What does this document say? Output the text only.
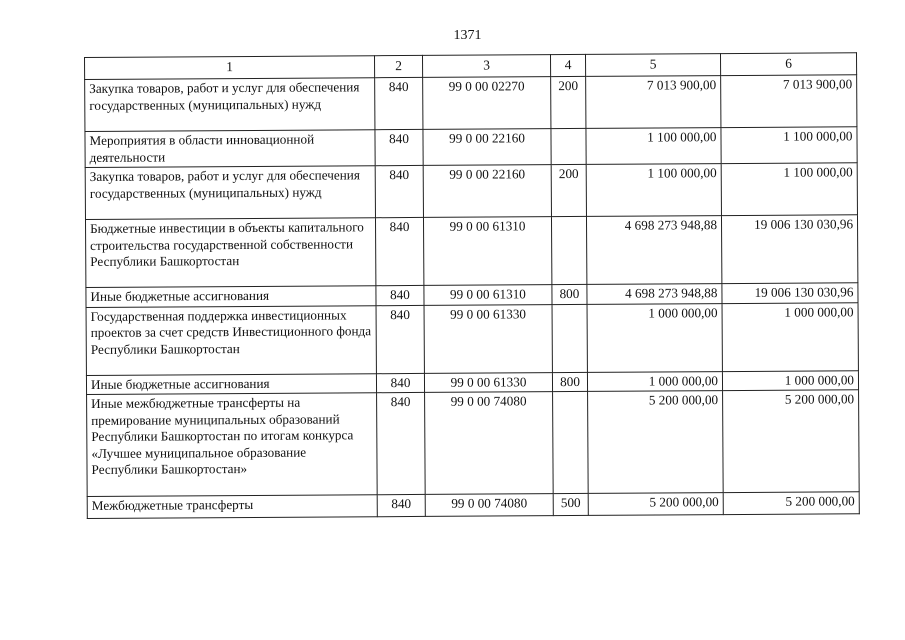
1371
1	2	3	4	5	6
Закупка товаров, работ и услуг для обеспечения государственных (муниципальных) нужд	840	99 0 00 02270	200	7 013 900,00	7 013 900,00
Мероприятия в области инновационной деятельности	840	99 0 00 22160		1 100 000,00	1 100 000,00
Закупка товаров, работ и услуг для обеспечения государственных (муниципальных) нужд	840	99 0 00 22160	200	1 100 000,00	1 100 000,00
Бюджетные инвестиции в объекты капитального строительства государственной собственности Республики Башкортостан	840	99 0 00 61310		4 698 273 948,88	19 006 130 030,96
Иные бюджетные ассигнования	840	99 0 00 61310	800	4 698 273 948,88	19 006 130 030,96
Государственная поддержка инвестиционных проектов за счет средств Инвестиционного фонда Республики Башкортостан	840	99 0 00 61330		1 000 000,00	1 000 000,00
Иные бюджетные ассигнования	840	99 0 00 61330	800	1 000 000,00	1 000 000,00
Иные межбюджетные трансферты на премирование муниципальных образований Республики Башкортостан по итогам конкурса «Лучшее муниципальное образование Республики Башкортостан»	840	99 0 00 74080		5 200 000,00	5 200 000,00
Межбюджетные трансферты	840	99 0 00 74080	500	5 200 000,00	5 200 000,00
